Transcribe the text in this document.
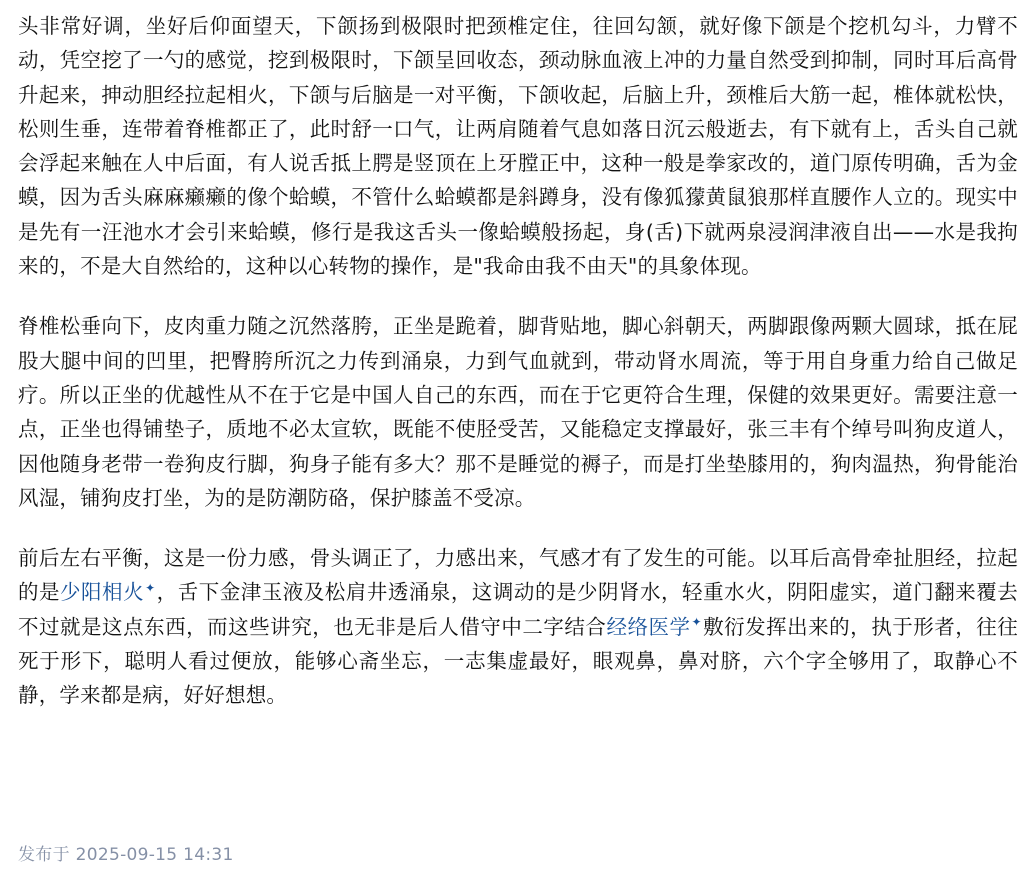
头非常好调，坐好后仰面望天，下颌扬到极限时把颈椎定住，往回勾颔，就好像下颌是个挖机勾斗，力臂不动，凭空挖了一勺的感觉，挖到极限时，下颌呈回收态，颈动脉血液上冲的力量自然受到抑制，同时耳后高骨升起来，抻动胆经拉起相火，下颌与后脑是一对平衡，下颌收起，后脑上升，颈椎后大筋一起，椎体就松快，松则生垂，连带着脊椎都正了，此时舒一口气，让两肩随着气息如落日沉云般逝去，有下就有上，舌头自己就会浮起来触在人中后面，有人说舌抵上腭是竖顶在上牙膛正中，这种一般是拳家改的，道门原传明确，舌为金蟆，因为舌头麻麻癞癞的像个蛤蟆，不管什么蛤蟆都是斜蹲身，没有像狐獴黄鼠狼那样直腰作人立的。现实中是先有一汪池水才会引来蛤蟆，修行是我这舌头一像蛤蟆般扬起，身(舌)下就两泉浸润津液自出——水是我拘来的，不是大自然给的，这种以心转物的操作，是"我命由我不由天"的具象体现。

脊椎松垂向下，皮肉重力随之沉然落胯，正坐是跪着，脚背贴地，脚心斜朝天，两脚跟像两颗大圆球，抵在屁股大腿中间的凹里，把臀胯所沉之力传到涌泉，力到气血就到，带动肾水周流，等于用自身重力给自己做足疗。所以正坐的优越性从不在于它是中国人自己的东西，而在于它更符合生理，保健的效果更好。需要注意一点，正坐也得铺垫子，质地不必太宣软，既能不使胫受苦，又能稳定支撑最好，张三丰有个绰号叫狗皮道人，因他随身老带一卷狗皮行脚，狗身子能有多大？那不是睡觉的褥子，而是打坐垫膝用的，狗肉温热，狗骨能治风湿，铺狗皮打坐，为的是防潮防硌，保护膝盖不受凉。

前后左右平衡，这是一份力感，骨头调正了，力感出来，气感才有了发生的可能。以耳后高骨牵扯胆经，拉起的是少阳相火✦，舌下金津玉液及松肩井透涌泉，这调动的是少阴肾水，轻重水火，阴阳虚实，道门翻来覆去不过就是这点东西，而这些讲究，也无非是后人借守中二字结合经络医学✦敷衍发挥出来的，执于形者，往往死于形下，聪明人看过便放，能够心斋坐忘，一志集虚最好，眼观鼻，鼻对脐，六个字全够用了，取静心不静，学来都是病，好好想想。

发布于 2025-09-15 14:31
